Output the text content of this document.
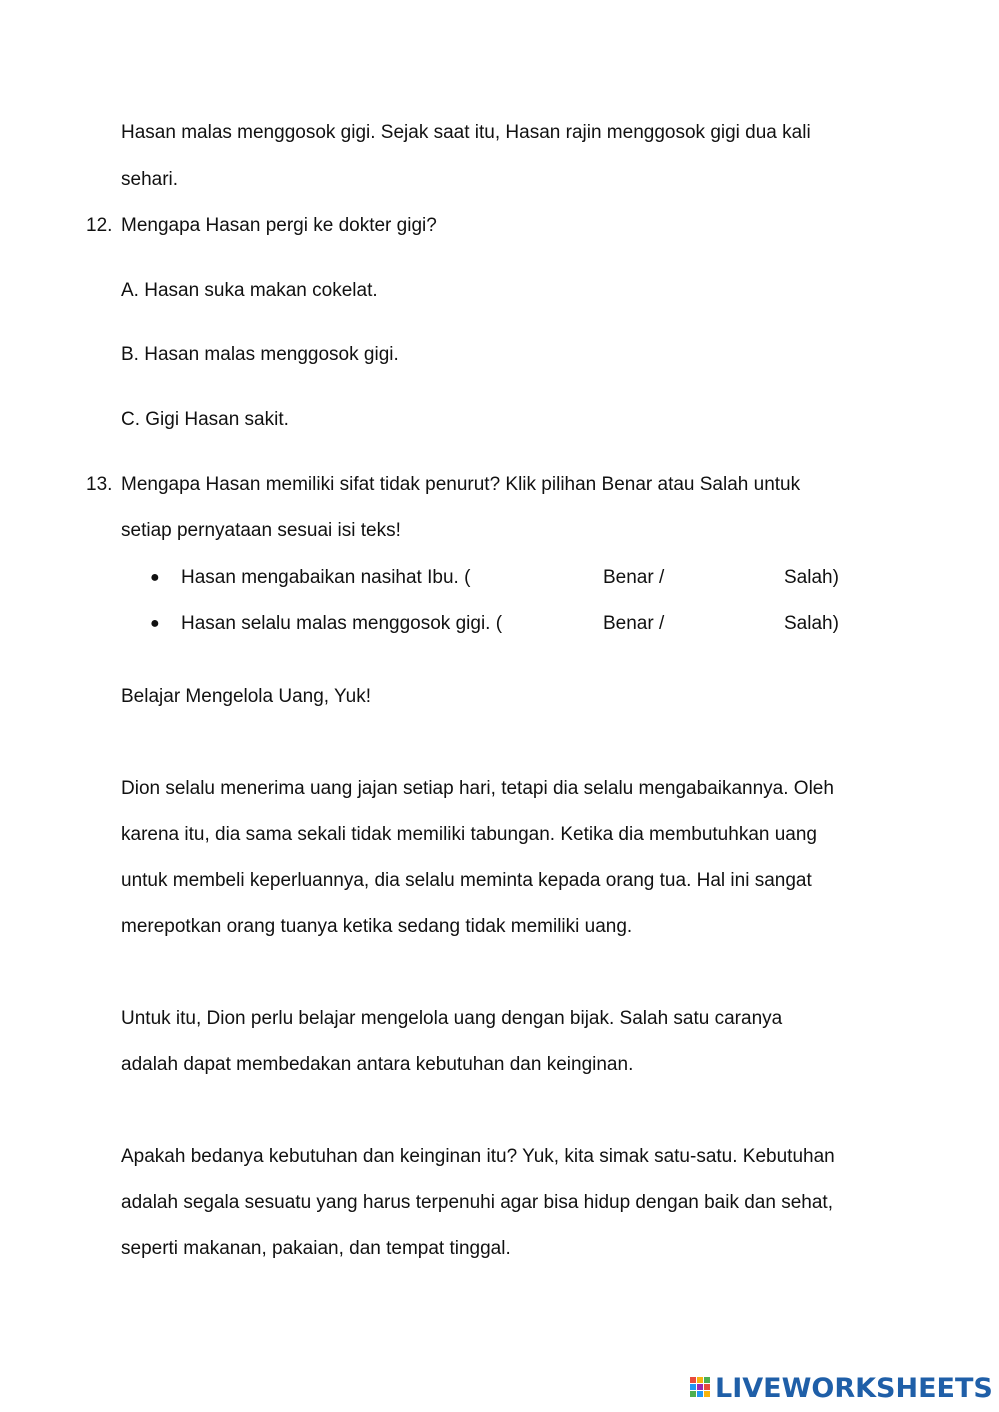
Hasan malas menggosok gigi. Sejak saat itu, Hasan rajin menggosok gigi dua kali
sehari.
12. Mengapa Hasan pergi ke dokter gigi?
A. Hasan suka makan cokelat.
B. Hasan malas menggosok gigi.
C. Gigi Hasan sakit.
13. Mengapa Hasan memiliki sifat tidak penurut? Klik pilihan Benar atau Salah untuk
setiap pernyataan sesuai isi teks!
● Hasan mengabaikan nasihat Ibu. (	Benar /	Salah)
● Hasan selalu malas menggosok gigi. (	Benar /	Salah)
Belajar Mengelola Uang, Yuk!
Dion selalu menerima uang jajan setiap hari, tetapi dia selalu mengabaikannya. Oleh
karena itu, dia sama sekali tidak memiliki tabungan. Ketika dia membutuhkan uang
untuk membeli keperluannya, dia selalu meminta kepada orang tua. Hal ini sangat
merepotkan orang tuanya ketika sedang tidak memiliki uang.
Untuk itu, Dion perlu belajar mengelola uang dengan bijak. Salah satu caranya
adalah dapat membedakan antara kebutuhan dan keinginan.
Apakah bedanya kebutuhan dan keinginan itu? Yuk, kita simak satu-satu. Kebutuhan
adalah segala sesuatu yang harus terpenuhi agar bisa hidup dengan baik dan sehat,
seperti makanan, pakaian, dan tempat tinggal.
LIVEWORKSHEETS
